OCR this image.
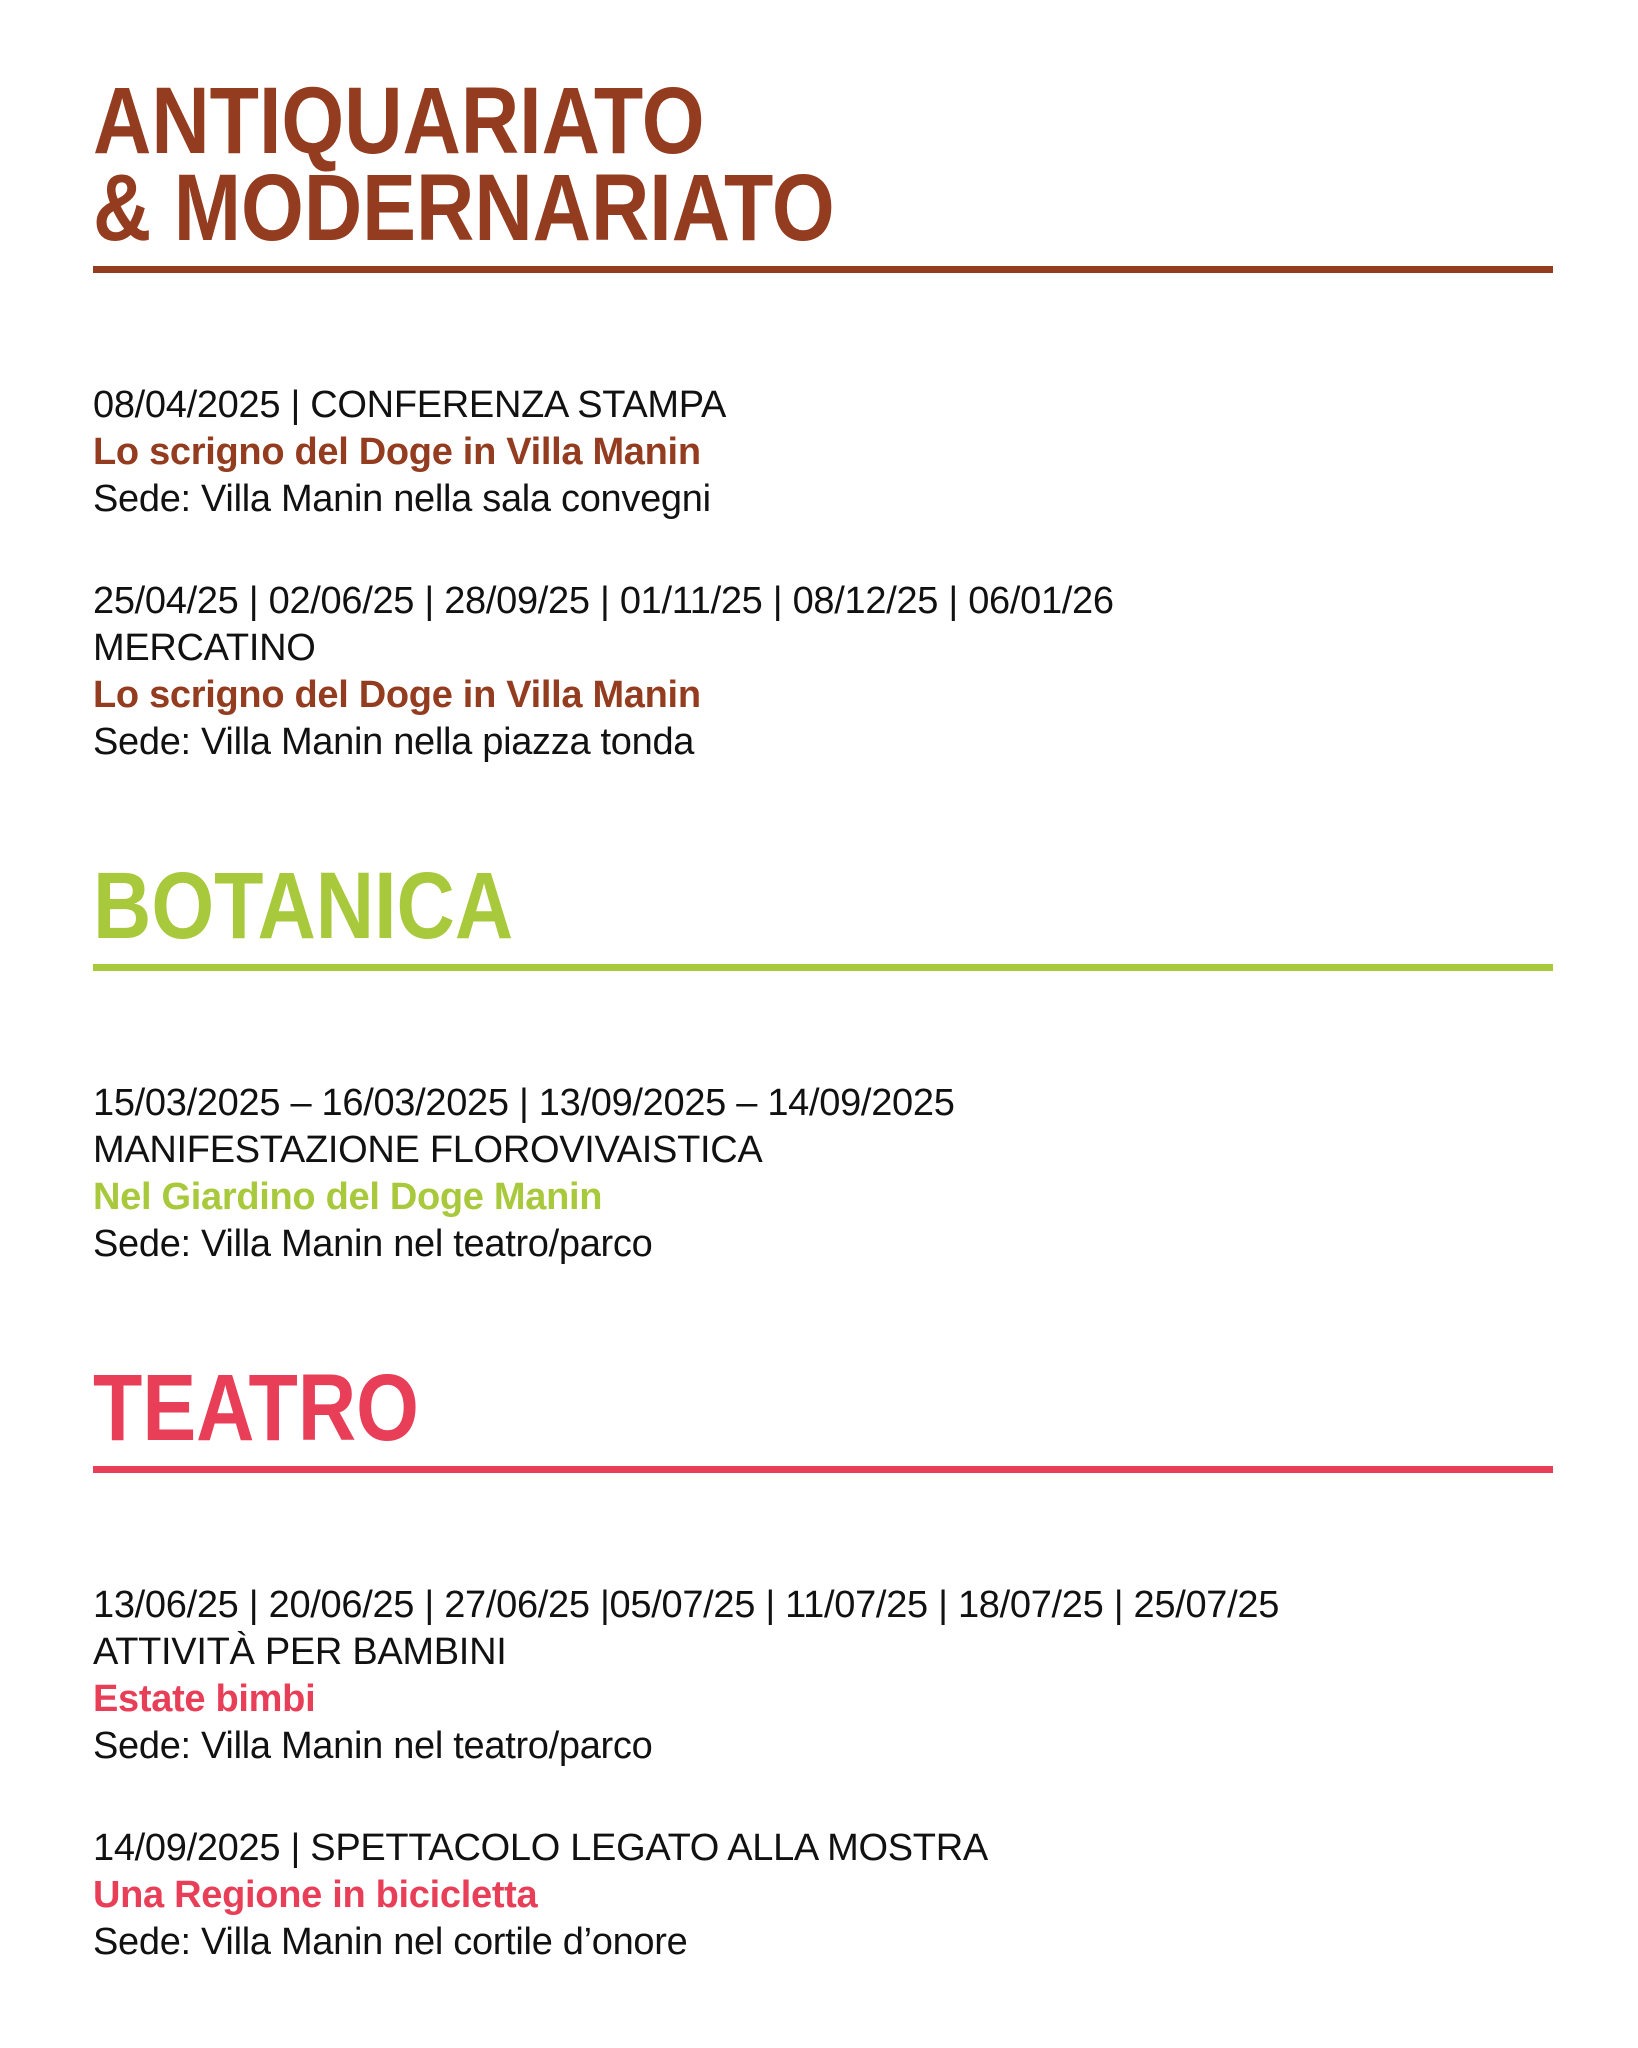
ANTIQUARIATO
& MODERNARIATO
08/04/2025 | CONFERENZA STAMPA
Lo scrigno del Doge in Villa Manin
Sede: Villa Manin nella sala convegni
25/04/25 | 02/06/25 | 28/09/25 | 01/11/25 | 08/12/25 | 06/01/26
MERCATINO
Lo scrigno del Doge in Villa Manin
Sede: Villa Manin nella piazza tonda
BOTANICA
15/03/2025 – 16/03/2025 | 13/09/2025 – 14/09/2025
MANIFESTAZIONE FLOROVIVAISTICA
Nel Giardino del Doge Manin
Sede: Villa Manin nel teatro/parco
TEATRO
13/06/25 | 20/06/25 | 27/06/25 |05/07/25 | 11/07/25 | 18/07/25 | 25/07/25
ATTIVITÀ PER BAMBINI
Estate bimbi
Sede: Villa Manin nel teatro/parco
14/09/2025 | SPETTACOLO LEGATO ALLA MOSTRA
Una Regione in bicicletta
Sede: Villa Manin nel cortile d’onore
